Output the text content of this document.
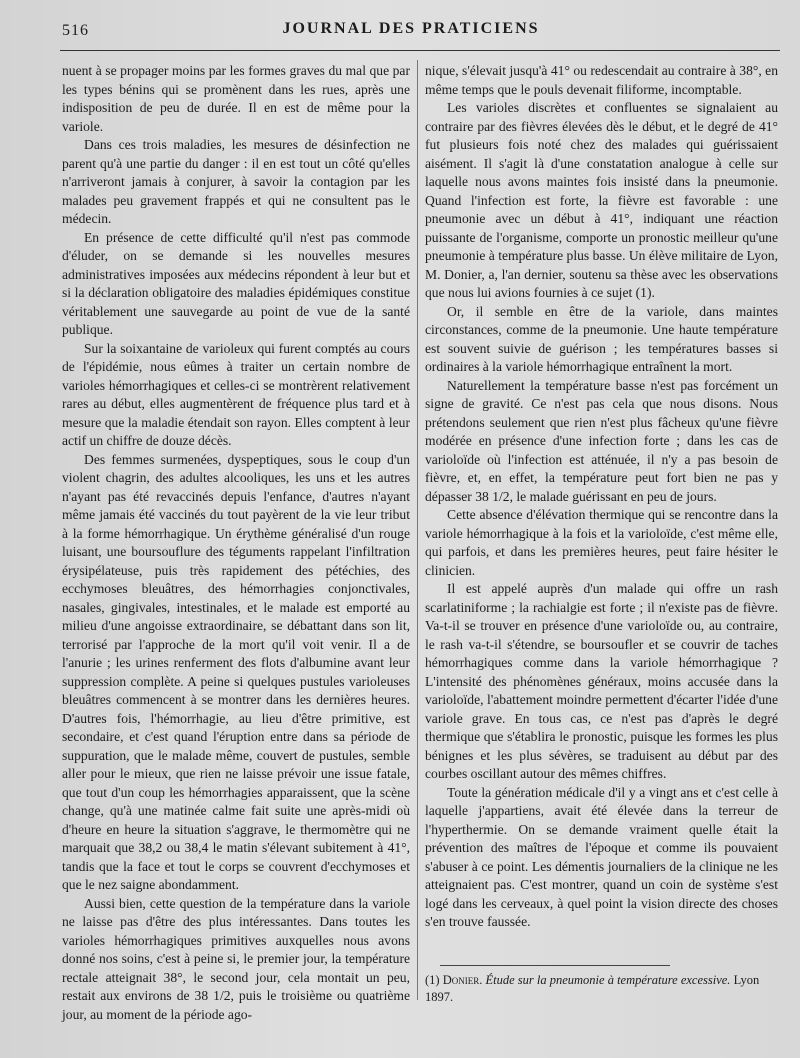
516	JOURNAL DES PRATICIENS

nuent à se propager moins par les formes graves du mal que par les types bénins qui se promènent dans les rues, après une indisposition de peu de durée. Il en est de même pour la variole.

Dans ces trois maladies, les mesures de désinfection ne parent qu'à une partie du danger : il en est tout un côté qu'elles n'arriveront jamais à conjurer, à savoir la contagion par les malades peu gravement frappés et qui ne consultent pas le médecin.

En présence de cette difficulté qu'il n'est pas commode d'éluder, on se demande si les nouvelles mesures administratives imposées aux médecins répondent à leur but et si la déclaration obligatoire des maladies épidémiques constitue véritablement une sauvegarde au point de vue de la santé publique.

Sur la soixantaine de varioleux qui furent comptés au cours de l'épidémie, nous eûmes à traiter un certain nombre de varioles hémorrhagiques et celles-ci se montrèrent relativement rares au début, elles augmentèrent de fréquence plus tard et à mesure que la maladie étendait son rayon. Elles comptent à leur actif un chiffre de douze décès.

Des femmes surmenées, dyspeptiques, sous le coup d'un violent chagrin, des adultes alcooliques, les uns et les autres n'ayant pas été revaccinés depuis l'enfance, d'autres n'ayant même jamais été vaccinés du tout payèrent de la vie leur tribut à la forme hémorrhagique. Un érythème généralisé d'un rouge luisant, une boursouflure des téguments rappelant l'infiltration érysipélateuse, puis très rapidement des pétéchies, des ecchymoses bleuâtres, des hémorrhagies conjonctivales, nasales, gingivales, intestinales, et le malade est emporté au milieu d'une angoisse extraordinaire, se débattant dans son lit, terrorisé par l'approche de la mort qu'il voit venir. Il a de l'anurie ; les urines renferment des flots d'albumine avant leur suppression complète. A peine si quelques pustules varioleuses bleuâtres commencent à se montrer dans les dernières heures. D'autres fois, l'hémorrhagie, au lieu d'être primitive, est secondaire, et c'est quand l'éruption entre dans sa période de suppuration, que le malade même, couvert de pustules, semble aller pour le mieux, que rien ne laisse prévoir une issue fatale, que tout d'un coup les hémorrhagies apparaissent, que la scène change, qu'à une matinée calme fait suite une après-midi où d'heure en heure la situation s'aggrave, le thermomètre qui ne marquait que 38,2 ou 38,4 le matin s'élevant subitement à 41°, tandis que la face et tout le corps se couvrent d'ecchymoses et que le nez saigne abondamment.

Aussi bien, cette question de la température dans la variole ne laisse pas d'être des plus intéressantes. Dans toutes les varioles hémorrhagiques primitives auxquelles nous avons donné nos soins, c'est à peine si, le premier jour, la température rectale atteignait 38°, le second jour, cela montait un peu, restait aux environs de 38 1/2, puis le troisième ou quatrième jour, au moment de la période ago-

nique, s'élevait jusqu'à 41° ou redescendait au contraire à 38°, en même temps que le pouls devenait filiforme, incomptable.

Les varioles discrètes et confluentes se signalaient au contraire par des fièvres élevées dès le début, et le degré de 41° fut plusieurs fois noté chez des malades qui guérissaient aisément. Il s'agit là d'une constatation analogue à celle sur laquelle nous avons maintes fois insisté dans la pneumonie. Quand l'infection est forte, la fièvre est favorable : une pneumonie avec un début à 41°, indiquant une réaction puissante de l'organisme, comporte un pronostic meilleur qu'une pneumonie à température plus basse. Un élève militaire de Lyon, M. Donier, a, l'an dernier, soutenu sa thèse avec les observations que nous lui avions fournies à ce sujet (1).

Or, il semble en être de la variole, dans maintes circonstances, comme de la pneumonie. Une haute température est souvent suivie de guérison ; les températures basses si ordinaires à la variole hémorrhagique entraînent la mort.

Naturellement la température basse n'est pas forcément un signe de gravité. Ce n'est pas cela que nous disons. Nous prétendons seulement que rien n'est plus fâcheux qu'une fièvre modérée en présence d'une infection forte ; dans les cas de varioloïde où l'infection est atténuée, il n'y a pas besoin de fièvre, et, en effet, la température peut fort bien ne pas y dépasser 38 1/2, le malade guérissant en peu de jours.

Cette absence d'élévation thermique qui se rencontre dans la variole hémorrhagique à la fois et la varioloïde, c'est même elle, qui parfois, et dans les premières heures, peut faire hésiter le clinicien.

Il est appelé auprès d'un malade qui offre un rash scarlatiniforme ; la rachialgie est forte ; il n'existe pas de fièvre. Va-t-il se trouver en présence d'une varioloïde ou, au contraire, le rash va-t-il s'étendre, se boursoufler et se couvrir de taches hémorrhagiques comme dans la variole hémorrhagique ? L'intensité des phénomènes généraux, moins accusée dans la varioloïde, l'abattement moindre permettent d'écarter l'idée d'une variole grave. En tous cas, ce n'est pas d'après le degré thermique que s'établira le pronostic, puisque les formes les plus bénignes et les plus sévères, se traduisent au début par des courbes oscillant autour des mêmes chiffres.

Toute la génération médicale d'il y a vingt ans et c'est celle à laquelle j'appartiens, avait été élevée dans la terreur de l'hyperthermie. On se demande vraiment quelle était la prévention des maîtres de l'époque et comme ils pouvaient s'abuser à ce point. Les démentis journaliers de la clinique ne les atteignaient pas. C'est montrer, quand un coin de système s'est logé dans les cerveaux, à quel point la vision directe des choses s'en trouve faussée.

(1) Donier. Étude sur la pneumonie à température excessive. Lyon 1897.
